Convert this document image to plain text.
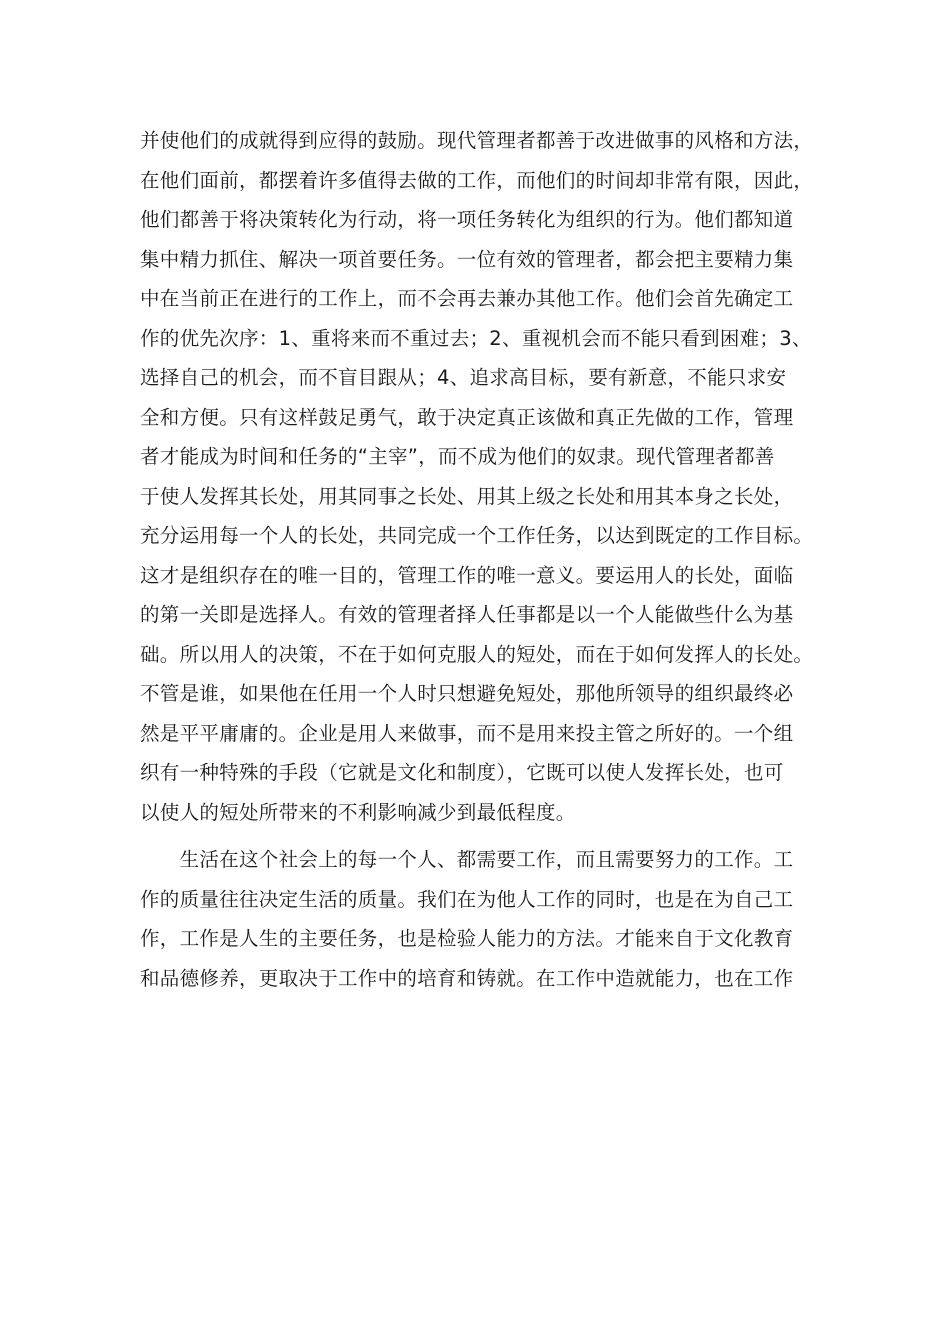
并使他们的成就得到应得的鼓励。现代管理者都善于改进做事的风格和方法，
在他们面前，都摆着许多值得去做的工作，而他们的时间却非常有限，因此，
他们都善于将决策转化为行动，将一项任务转化为组织的行为。他们都知道
集中精力抓住、解决一项首要任务。一位有效的管理者，都会把主要精力集
中在当前正在进行的工作上，而不会再去兼办其他工作。他们会首先确定工
作的优先次序：1、重将来而不重过去；2、重视机会而不能只看到困难；3、
选择自己的机会，而不盲目跟从；4、追求高目标，要有新意，不能只求安
全和方便。只有这样鼓足勇气，敢于决定真正该做和真正先做的工作，管理
者才能成为时间和任务的“主宰”，而不成为他们的奴隶。现代管理者都善
于使人发挥其长处，用其同事之长处、用其上级之长处和用其本身之长处，
充分运用每一个人的长处，共同完成一个工作任务，以达到既定的工作目标。
这才是组织存在的唯一目的，管理工作的唯一意义。要运用人的长处，面临
的第一关即是选择人。有效的管理者择人任事都是以一个人能做些什么为基
础。所以用人的决策，不在于如何克服人的短处，而在于如何发挥人的长处。
不管是谁，如果他在任用一个人时只想避免短处，那他所领导的组织最终必
然是平平庸庸的。企业是用人来做事，而不是用来投主管之所好的。一个组
织有一种特殊的手段（它就是文化和制度），它既可以使人发挥长处，也可
以使人的短处所带来的不利影响减少到最低程度。
　　生活在这个社会上的每一个人、都需要工作，而且需要努力的工作。工
作的质量往往决定生活的质量。我们在为他人工作的同时，也是在为自己工
作，工作是人生的主要任务，也是检验人能力的方法。才能来自于文化教育
和品德修养，更取决于工作中的培育和铸就。在工作中造就能力，也在工作
